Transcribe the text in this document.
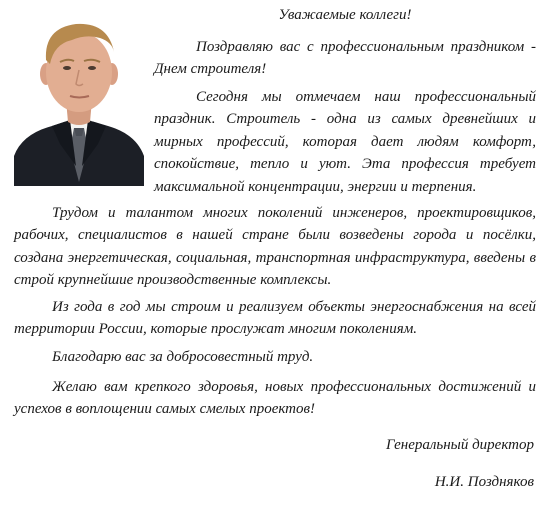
Уважаемые коллеги!

Поздравляю вас с профессиональным праздником - Днем строителя!

Сегодня мы отмечаем наш профессиональный праздник. Строитель - одна из самых древнейших и мирных профессий, которая дает людям комфорт, спокойствие, тепло и уют. Эта профессия требует максимальной концентрации, энергии и терпения.

Трудом и талантом многих поколений инженеров, проектировщиков, рабочих, специалистов в нашей стране были возведены города и посёлки, создана энергетическая, социальная, транспортная инфраструктура, введены в строй крупнейшие производственные комплексы.

Из года в год мы строим и реализуем объекты энергоснабжения на всей территории России, которые прослужат многим поколениям.

Благодарю вас за добросовестный труд.

Желаю вам крепкого здоровья, новых профессиональных достижений и успехов в воплощении самых смелых проектов!

Генеральный директор
Н.И. Поздняков
